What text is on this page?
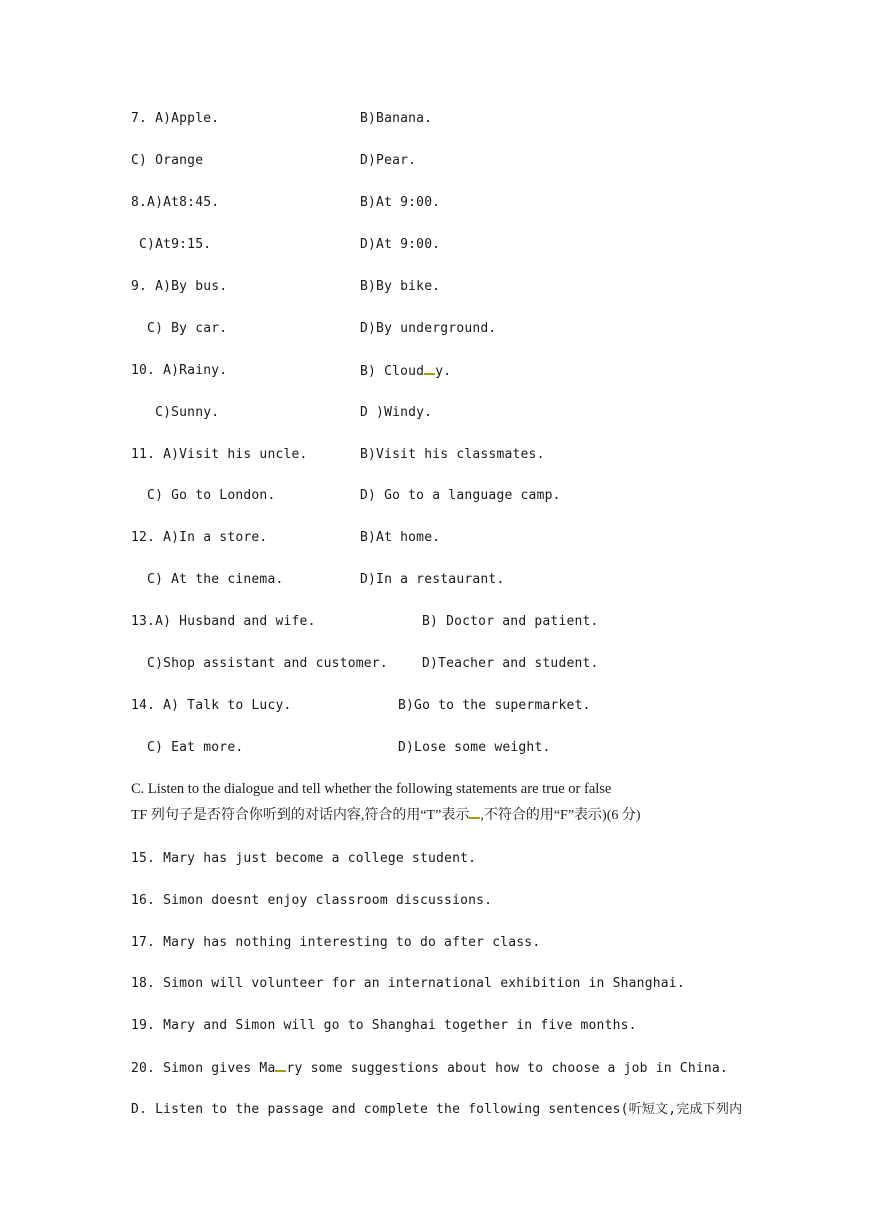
7. A)Apple.	B)Banana.
C) Orange	D)Pear.
8.A)At8:45.	B)At 9:00.
C)At9:15.	D)At 9:00.
9. A)By bus.	B)By bike.
C) By car.	D)By underground.
10. A)Rainy.	B) Cloud y.
C)Sunny.	D )Windy.
11. A)Visit his uncle.	B)Visit his classmates.
C) Go to London.	D) Go to a language camp.
12. A)In a store.	B)At home.
C) At the cinema.	D)In a restaurant.
13.A) Husband and wife.	B) Doctor and patient.
C)Shop assistant and customer.	D)Teacher and student.
14. A) Talk to Lucy.	B)Go to the supermarket.
C) Eat more.	D)Lose some weight.
C. Listen to the dialogue and tell whether the following statements are true or false
TF 列句子是否符合你听到的对话内容,符合的用“T”表示 ,不符合的用“F”表示)(6 分)
15. Mary has just become a college student.
16. Simon doesnt enjoy classroom discussions.
17. Mary has nothing interesting to do after class.
18. Simon will volunteer for an international exhibition in Shanghai.
19. Mary and Simon will go to Shanghai together in five months.
20. Simon gives Ma ry some suggestions about how to choose a job in China.
D. Listen to the passage and complete the following sentences(听短文,完成下列内
